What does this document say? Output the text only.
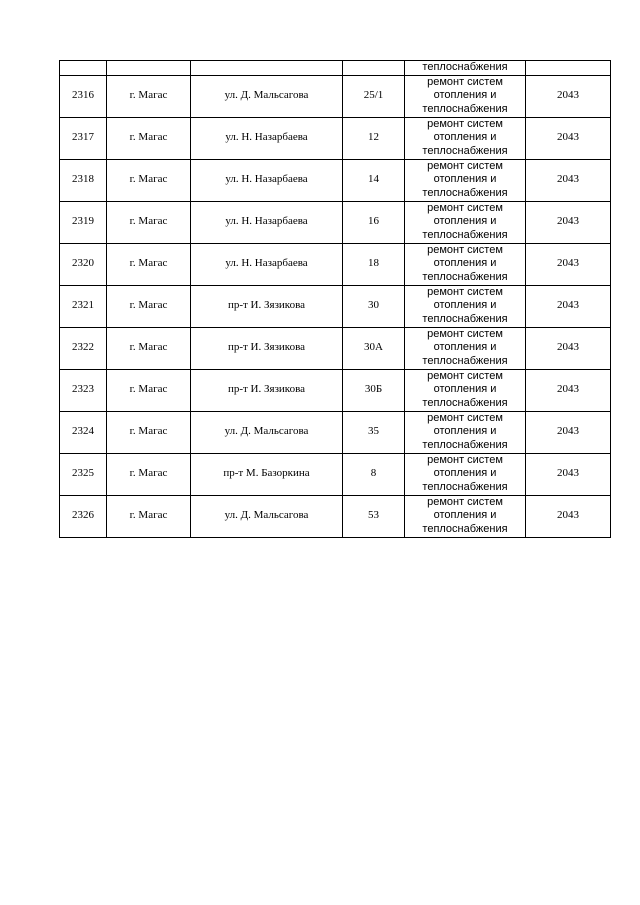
				теплоснабжения	

2316	г. Магас	ул. Д. Мальсагова	25/1	ремонт систем
отопления и
теплоснабжения	2043
2317	г. Магас	ул. Н. Назарбаева	12	ремонт систем
отопления и
теплоснабжения	2043
2318	г. Магас	ул. Н. Назарбаева	14	ремонт систем
отопления и
теплоснабжения	2043
2319	г. Магас	ул. Н. Назарбаева	16	ремонт систем
отопления и
теплоснабжения	2043
2320	г. Магас	ул. Н. Назарбаева	18	ремонт систем
отопления и
теплоснабжения	2043
2321	г. Магас	пр-т И. Зязикова	30	ремонт систем
отопления и
теплоснабжения	2043
2322	г. Магас	пр-т И. Зязикова	30А	ремонт систем
отопления и
теплоснабжения	2043
2323	г. Магас	пр-т И. Зязикова	30Б	ремонт систем
отопления и
теплоснабжения	2043
2324	г. Магас	ул. Д. Мальсагова	35	ремонт систем
отопления и
теплоснабжения	2043
2325	г. Магас	пр-т М. Базоркина	8	ремонт систем
отопления и
теплоснабжения	2043
2326	г. Магас	ул. Д. Мальсагова	53	ремонт систем
отопления и
теплоснабжения	2043
